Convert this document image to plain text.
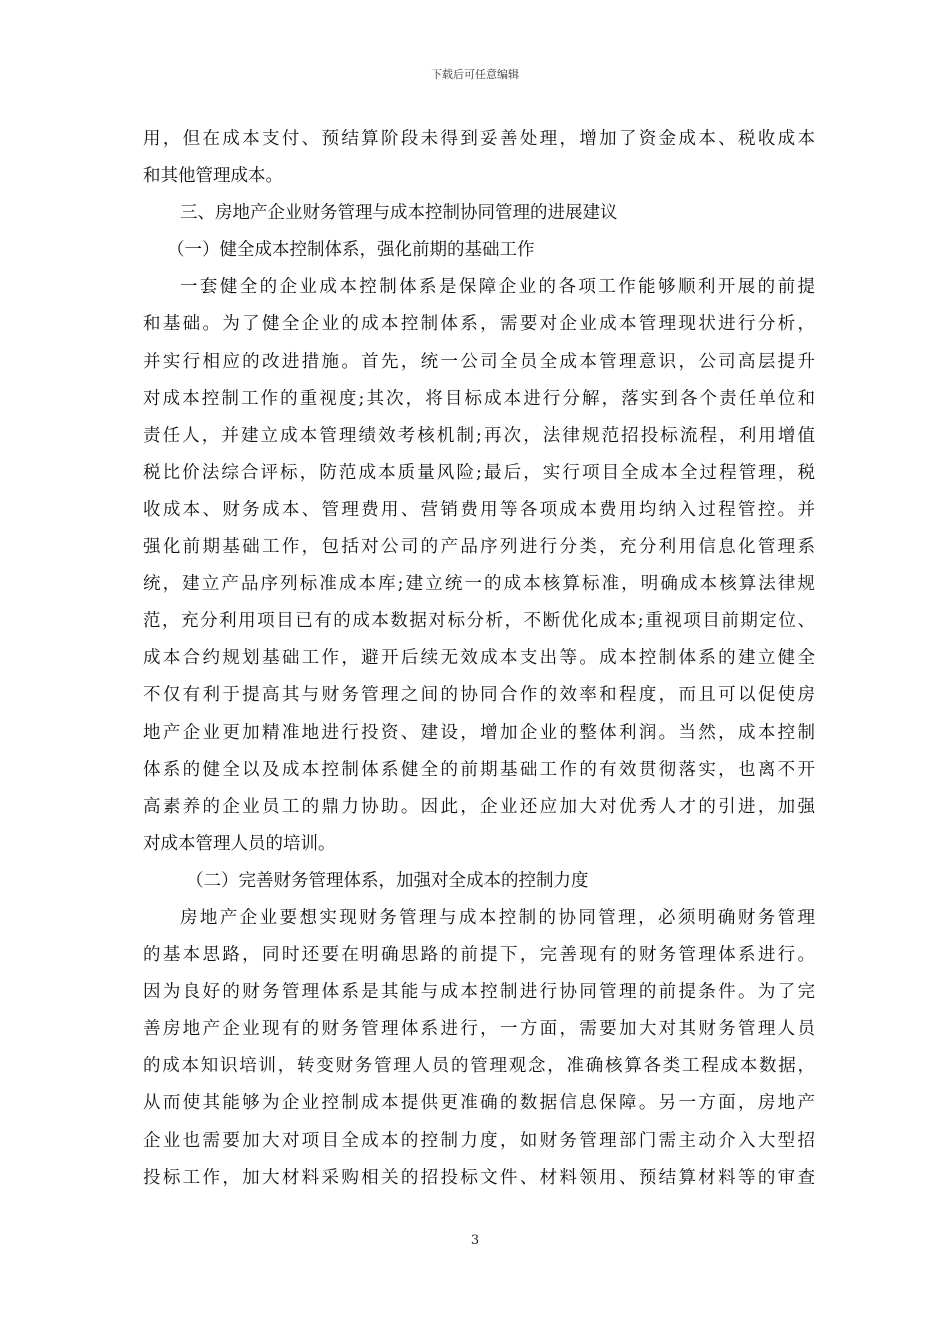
下载后可任意编辑
用，但在成本支付、预结算阶段未得到妥善处理，增加了资金成本、税收成本
和其他管理成本。
三、房地产企业财务管理与成本控制协同管理的进展建议
（一）健全成本控制体系，强化前期的基础工作
一套健全的企业成本控制体系是保障企业的各项工作能够顺利开展的前提
和基础。为了健全企业的成本控制体系，需要对企业成本管理现状进行分析，
并实行相应的改进措施。首先，统一公司全员全成本管理意识，公司高层提升
对成本控制工作的重视度;其次，将目标成本进行分解，落实到各个责任单位和
责任人，并建立成本管理绩效考核机制;再次，法律规范招投标流程，利用增值
税比价法综合评标，防范成本质量风险;最后，实行项目全成本全过程管理，税
收成本、财务成本、管理费用、营销费用等各项成本费用均纳入过程管控。并
强化前期基础工作，包括对公司的产品序列进行分类，充分利用信息化管理系
统，建立产品序列标准成本库;建立统一的成本核算标准，明确成本核算法律规
范，充分利用项目已有的成本数据对标分析，不断优化成本;重视项目前期定位、
成本合约规划基础工作，避开后续无效成本支出等。成本控制体系的建立健全
不仅有利于提高其与财务管理之间的协同合作的效率和程度，而且可以促使房
地产企业更加精准地进行投资、建设，增加企业的整体利润。当然，成本控制
体系的健全以及成本控制体系健全的前期基础工作的有效贯彻落实，也离不开
高素养的企业员工的鼎力协助。因此，企业还应加大对优秀人才的引进，加强
对成本管理人员的培训。
（二）完善财务管理体系，加强对全成本的控制力度
房地产企业要想实现财务管理与成本控制的协同管理，必须明确财务管理
的基本思路，同时还要在明确思路的前提下，完善现有的财务管理体系进行。
因为良好的财务管理体系是其能与成本控制进行协同管理的前提条件。为了完
善房地产企业现有的财务管理体系进行，一方面，需要加大对其财务管理人员
的成本知识培训，转变财务管理人员的管理观念，准确核算各类工程成本数据，
从而使其能够为企业控制成本提供更准确的数据信息保障。另一方面，房地产
企业也需要加大对项目全成本的控制力度，如财务管理部门需主动介入大型招
投标工作，加大材料采购相关的招投标文件、材料领用、预结算材料等的审查
3
